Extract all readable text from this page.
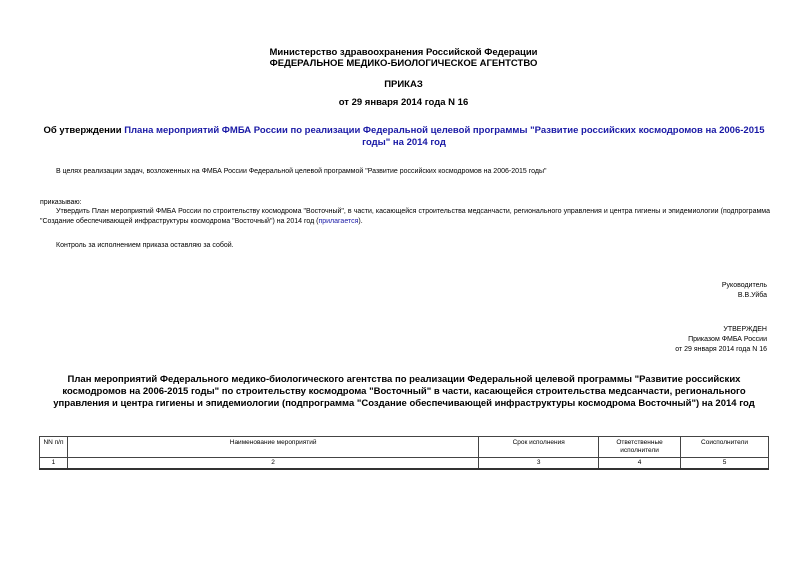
Министерство здравоохранения Российской Федерации
ФЕДЕРАЛЬНОЕ МЕДИКО-БИОЛОГИЧЕСКОЕ АГЕНТСТВО
ПРИКАЗ
от 29 января 2014 года N 16
Об утверждении Плана мероприятий ФМБА России по реализации Федеральной целевой программы "Развитие российских космодромов на 2006-2015 годы" на 2014 год
В целях реализации задач, возложенных на ФМБА России Федеральной целевой программой "Развитие российских космодромов на 2006-2015 годы"
приказываю:
Утвердить План мероприятий ФМБА России по строительству космодрома "Восточный", в части, касающейся строительства медсанчасти, регионального управления и центра гигиены и эпидемиологии (подпрограмма "Создание обеспечивающей инфраструктуры космодрома "Восточный") на 2014 год (прилагается).
Контроль за исполнением приказа оставляю за собой.
Руководитель
В.В.Уйба
УТВЕРЖДЕН
Приказом ФМБА России
от 29 января 2014 года N 16
План мероприятий Федерального медико-биологического агентства по реализации Федеральной целевой программы "Развитие российских космодромов на 2006-2015 годы" по строительству космодрома "Восточный" в части, касающейся строительства медсанчасти, регионального управления и центра гигиены и эпидемиологии (подпрограмма "Создание обеспечивающей инфраструктуры космодрома Восточный") на 2014 год
NN п/п	Наименование мероприятий	Срок исполнения	Ответственные исполнители	Соисполнители
1	2	3	4	5
